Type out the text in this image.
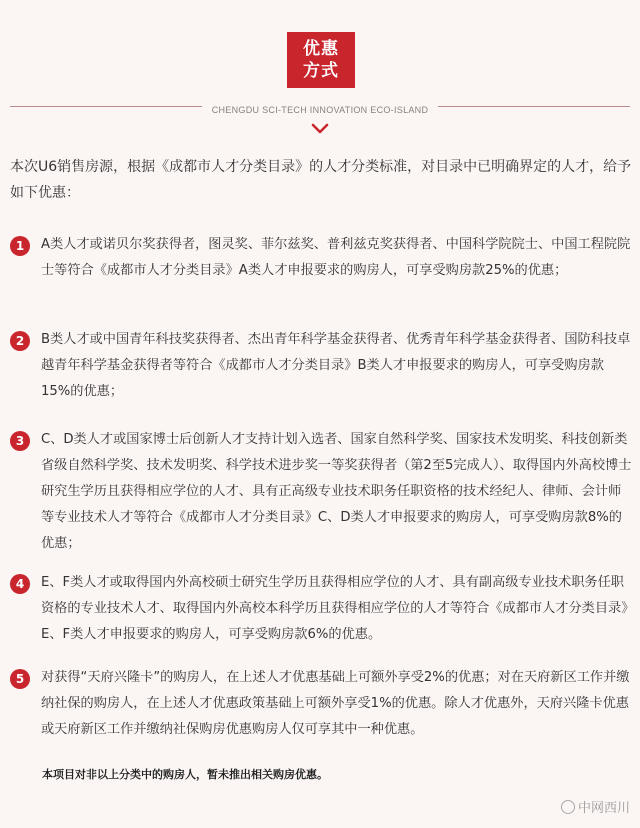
优惠
方式
CHENGDU SCI-TECH INNOVATION ECO-ISLAND
本次U6销售房源，根据《成都市人才分类目录》的人才分类标准，对目录中已明确界定的人才，给予如下优惠：
1	A类人才或诺贝尔奖获得者，图灵奖、菲尔兹奖、普利兹克奖获得者、中国科学院院士、中国工程院院士等符合《成都市人才分类目录》A类人才申报要求的购房人，可享受购房款25%的优惠；
2	B类人才或中国青年科技奖获得者、杰出青年科学基金获得者、优秀青年科学基金获得者、国防科技卓越青年科学基金获得者等符合《成都市人才分类目录》B类人才申报要求的购房人，可享受购房款15%的优惠；
3	C、D类人才或国家博士后创新人才支持计划入选者、国家自然科学奖、国家技术发明奖、科技创新类省级自然科学奖、技术发明奖、科学技术进步奖一等奖获得者（第2至5完成人）、取得国内外高校博士研究生学历且获得相应学位的人才、具有正高级专业技术职务任职资格的技术经纪人、律师、会计师等专业技术人才等符合《成都市人才分类目录》C、D类人才申报要求的购房人，可享受购房款8%的优惠；
4	E、F类人才或取得国内外高校硕士研究生学历且获得相应学位的人才、具有副高级专业技术职务任职资格的专业技术人才、取得国内外高校本科学历且获得相应学位的人才等符合《成都市人才分类目录》E、F类人才申报要求的购房人，可享受购房款6%的优惠。
5	对获得“天府兴隆卡”的购房人，在上述人才优惠基础上可额外享受2%的优惠；对在天府新区工作并缴纳社保的购房人，在上述人才优惠政策基础上可额外享受1%的优惠。除人才优惠外，天府兴隆卡优惠或天府新区工作并缴纳社保购房优惠购房人仅可享其中一种优惠。
本项目对非以上分类中的购房人，暂未推出相关购房优惠。
中网西川
